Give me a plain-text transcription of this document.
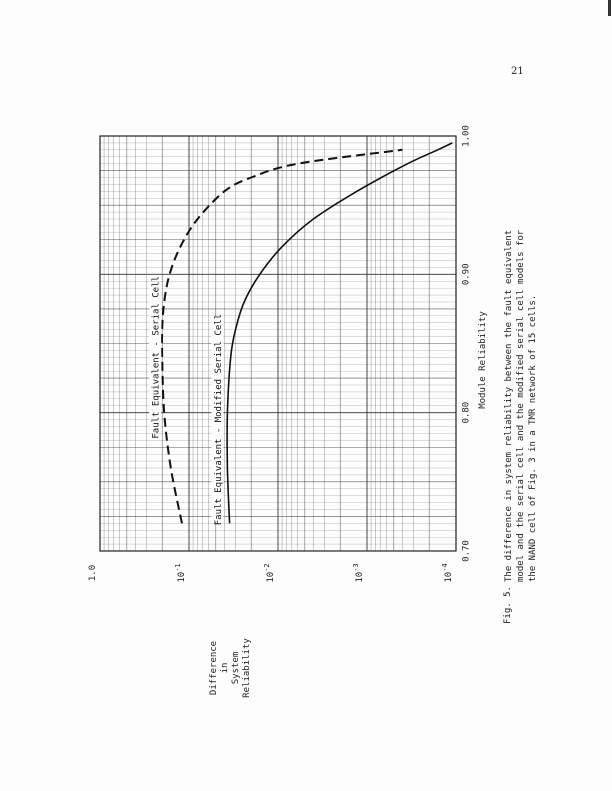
21
0.70
0.80
0.90
1.00
1.0	$10^{-1}$
$10^{-2}$
$10^{-3}$
$10^{-4}$
Fault Equivalent - Serial Cell	Fault Equivalent - Modified Serial Cell
Difference in System Reliability
Module Reliability
Fig. 5.
The difference in system reliability between the fault equivalent model and the serial cell and the modified serial cell models for the NAND cell of Fig. 3 in a TMR network of 15 cells.
